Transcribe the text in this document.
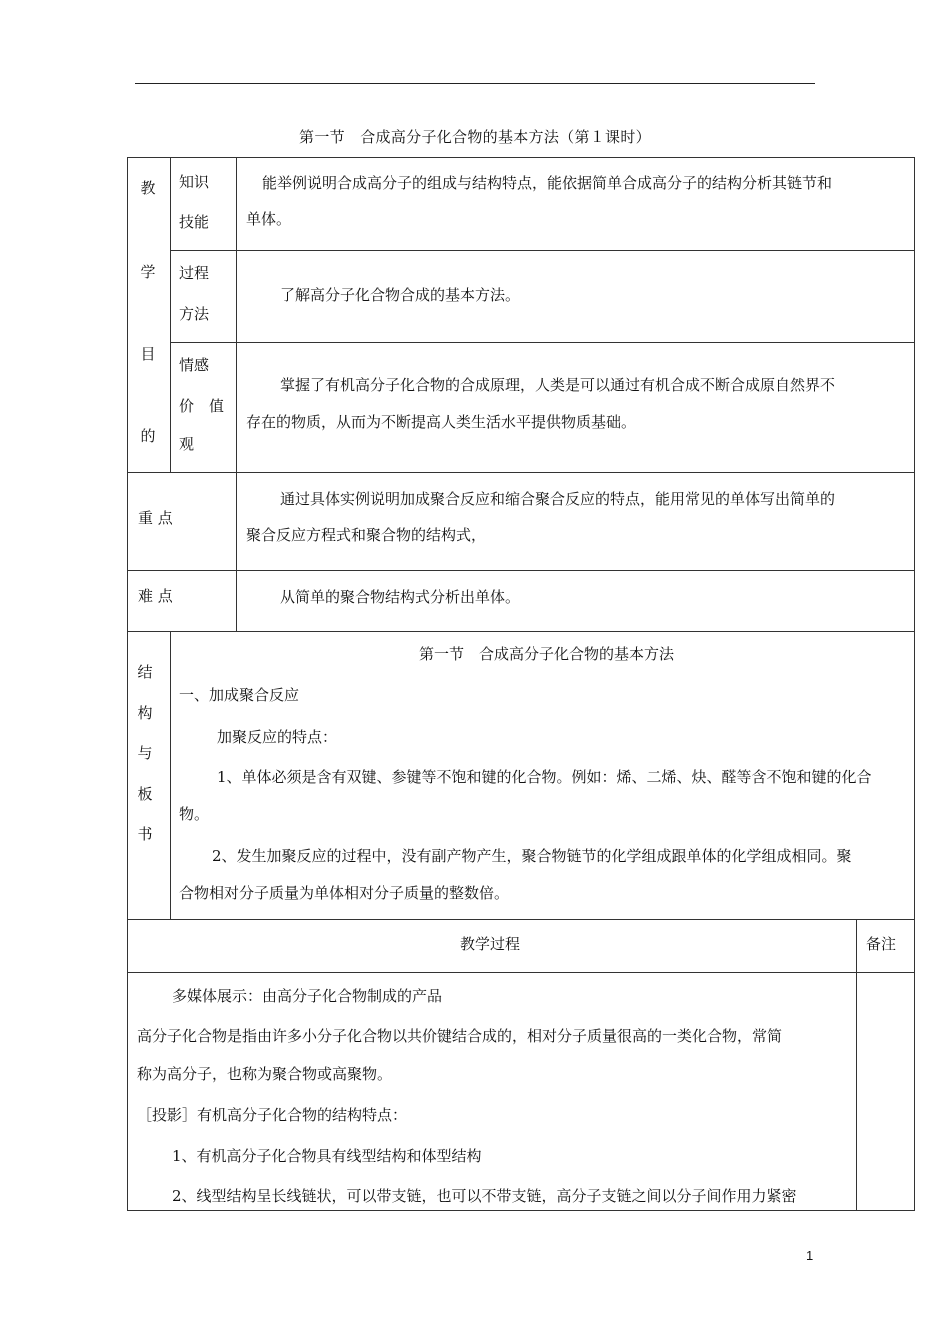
第一节　合成高分子化合物的基本方法（第１课时）
教
学
目
的
知识
技能
能举例说明合成高分子的组成与结构特点，能依据简单合成高分子的结构分析其链节和
单体。
过程
方法
了解高分子化合物合成的基本方法。
情感
价　值
观
掌握了有机高分子化合物的合成原理，人类是可以通过有机合成不断合成原自然界不
存在的物质，从而为不断提高人类生活水平提供物质基础。
重 点
通过具体实例说明加成聚合反应和缩合聚合反应的特点，能用常见的单体写出简单的
聚合反应方程式和聚合物的结构式，
难 点	从简单的聚合物结构式分析出单体。
结
构
与
板
书
第一节　合成高分子化合物的基本方法
一、加成聚合反应
加聚反应的特点：
1、单体必须是含有双键、参键等不饱和键的化合物。例如：烯、二烯、炔、醛等含不饱和键的化合
物。
2、发生加聚反应的过程中，没有副产物产生，聚合物链节的化学组成跟单体的化学组成相同。聚
合物相对分子质量为单体相对分子质量的整数倍。
教学过程	备注
多媒体展示：由高分子化合物制成的产品
高分子化合物是指由许多小分子化合物以共价键结合成的，相对分子质量很高的一类化合物，常简
称为高分子，也称为聚合物或高聚物。
［投影］有机高分子化合物的结构特点：
1、有机高分子化合物具有线型结构和体型结构
2、线型结构呈长线链状，可以带支链，也可以不带支链，高分子支链之间以分子间作用力紧密
1
